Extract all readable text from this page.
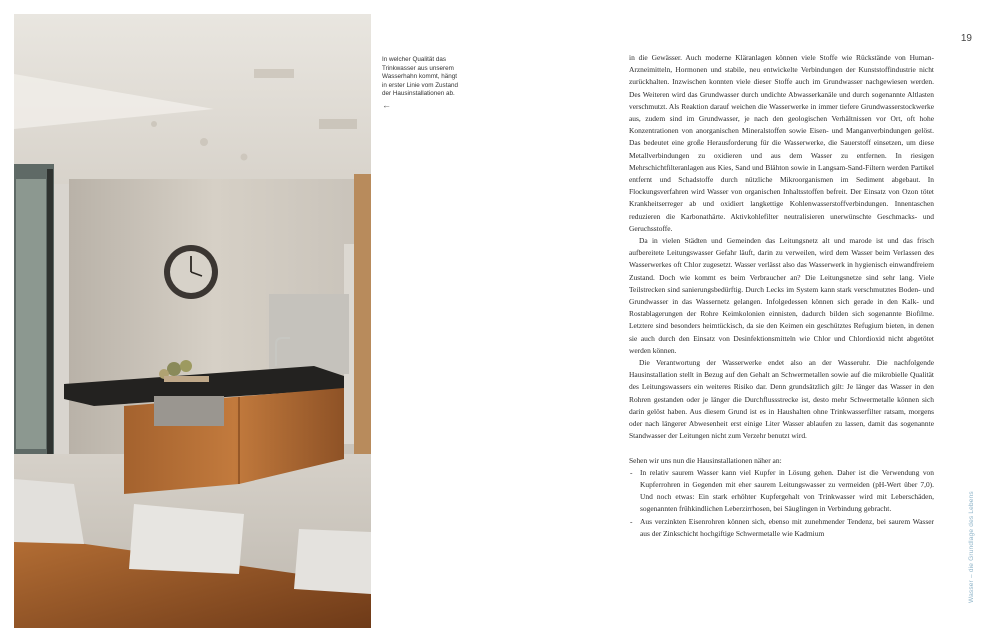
In welcher Qualität das Trinkwasser aus unserem Wasserhahn kommt, hängt in erster Linie vom Zustand der Hausinstallationen ab.
←
19
Wasser – die Grundlage des Lebens

in die Gewässer. Auch moderne Kläranlagen können viele Stoffe wie Rückstände von Human-Arzneimitteln, Hormonen und stabile, neu entwickelte Verbindungen der Kunststoffindustrie nicht zurückhalten. Inzwischen konnten viele dieser Stoffe auch im Grundwasser nachgewiesen werden. Des Weiteren wird das Grundwasser durch undichte Abwasserkanäle und durch sogenannte Altlasten verschmutzt. Als Reaktion darauf weichen die Wasserwerke in immer tiefere Grundwasserstockwerke aus, zudem sind im Grundwasser, je nach den geologischen Verhältnissen vor Ort, oft hohe Konzentrationen von anorganischen Mineralstoffen sowie Eisen- und Manganverbindungen gelöst. Das bedeutet eine große Herausforderung für die Wasserwerke, die Sauerstoff einsetzen, um diese Metallverbindungen zu oxidieren und aus dem Wasser zu entfernen. In riesigen Mehrschichtfilteranlagen aus Kies, Sand und Blähton sowie in Langsam-Sand-Filtern werden Partikel entfernt und Schadstoffe durch nützliche Mikroorganismen im Sediment abgebaut. In Flockungsverfahren wird Wasser von organischen Inhaltsstoffen befreit. Der Einsatz von Ozon tötet Krankheitserreger ab und oxidiert langkettige Kohlenwasserstoffverbindungen. Innentaschen reduzieren die Karbonathärte. Aktivkohlefilter neutralisieren unerwünschte Geschmacks- und Geruchsstoffe.

Da in vielen Städten und Gemeinden das Leitungsnetz alt und marode ist und das frisch aufbereitete Leitungswasser Gefahr läuft, darin zu verweilen, wird dem Wasser beim Verlassen des Wasserwerkes oft Chlor zugesetzt. Wasser verlässt also das Wasserwerk in hygienisch einwandfreiem Zustand. Doch wie kommt es beim Verbraucher an? Die Leitungsnetze sind sehr lang. Viele Teilstrecken sind sanierungsbedürftig. Durch Lecks im System kann stark verschmutztes Boden- und Grundwasser in das Wassernetz gelangen. Infolgedessen können sich gerade in den Kalk- und Rostablagerungen der Rohre Keimkolonien einnisten, dadurch bilden sich sogenannte Biofilme. Letztere sind besonders heimtückisch, da sie den Keimen ein geschütztes Refugium bieten, in denen sie auch durch den Einsatz von Desinfektionsmitteln wie Chlor und Chlordioxid nicht abgetötet werden können.

Die Verantwortung der Wasserwerke endet also an der Wasseruhr. Die nachfolgende Hausinstallation stellt in Bezug auf den Gehalt an Schwermetallen sowie auf die mikrobielle Qualität des Leitungswassers ein weiteres Risiko dar. Denn grundsätzlich gilt: Je länger das Wasser in den Rohren gestanden oder je länger die Durchflussstrecke ist, desto mehr Schwermetalle können sich darin gelöst haben. Aus diesem Grund ist es in Haushalten ohne Trinkwasserfilter ratsam, morgens oder nach längerer Abwesenheit erst einige Liter Wasser ablaufen zu lassen, damit das sogenannte Standwasser der Leitungen nicht zum Verzehr benutzt wird.

Sehen wir uns nun die Hausinstallationen näher an:

- In relativ saurem Wasser kann viel Kupfer in Lösung gehen. Daher ist die Verwendung von Kupferrohren in Gegenden mit eher saurem Leitungswasser zu vermeiden (pH-Wert über 7,0). Und noch etwas: Ein stark erhöhter Kupfergehalt von Trinkwasser wird mit Leberschäden, sogenannten frühkindlichen Leberzirrhosen, bei Säuglingen in Verbindung gebracht.
- Aus verzinkten Eisenrohren können sich, ebenso mit zunehmender Tendenz, bei saurem Wasser aus der Zinkschicht hochgiftige Schwermetalle wie Kadmium
